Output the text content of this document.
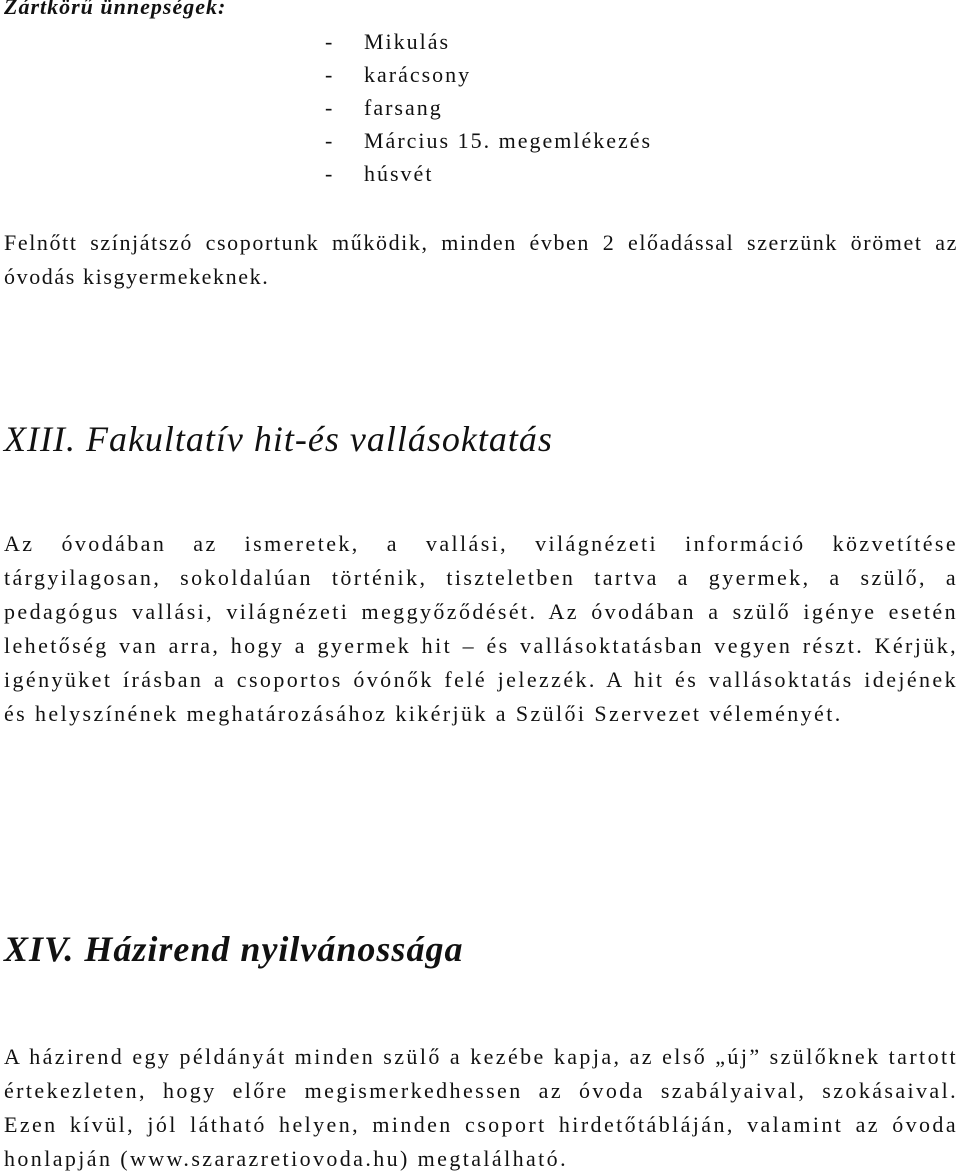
Zártkörű ünnepségek:
- Mikulás
- karácsony
- farsang
- Március 15. megemlékezés
- húsvét

Felnőtt színjátszó csoportunk működik, minden évben 2 előadással szerzünk örömet az óvodás kisgyermekeknek.

XIII. Fakultatív hit-és vallásoktatás

Az óvodában az ismeretek, a vallási, világnézeti információ közvetítése tárgyilagosan, sokoldalúan történik, tiszteletben tartva a gyermek, a szülő, a pedagógus vallási, világnézeti meggyőződését. Az óvodában a szülő igénye esetén lehetőség van arra, hogy a gyermek hit – és vallásoktatásban vegyen részt. Kérjük, igényüket írásban a csoportos óvónők felé jelezzék. A hit és vallásoktatás idejének és helyszínének meghatározásához kikérjük a Szülői Szervezet véleményét.

XIV. Házirend nyilvánossága

A házirend egy példányát minden szülő a kezébe kapja, az első „új” szülőknek tartott értekezleten, hogy előre megismerkedhessen az óvoda szabályaival, szokásaival. Ezen kívül, jól látható helyen, minden csoport hirdetőtábláján, valamint az óvoda honlapján (www.szarazretiovoda.hu) megtalálható.
